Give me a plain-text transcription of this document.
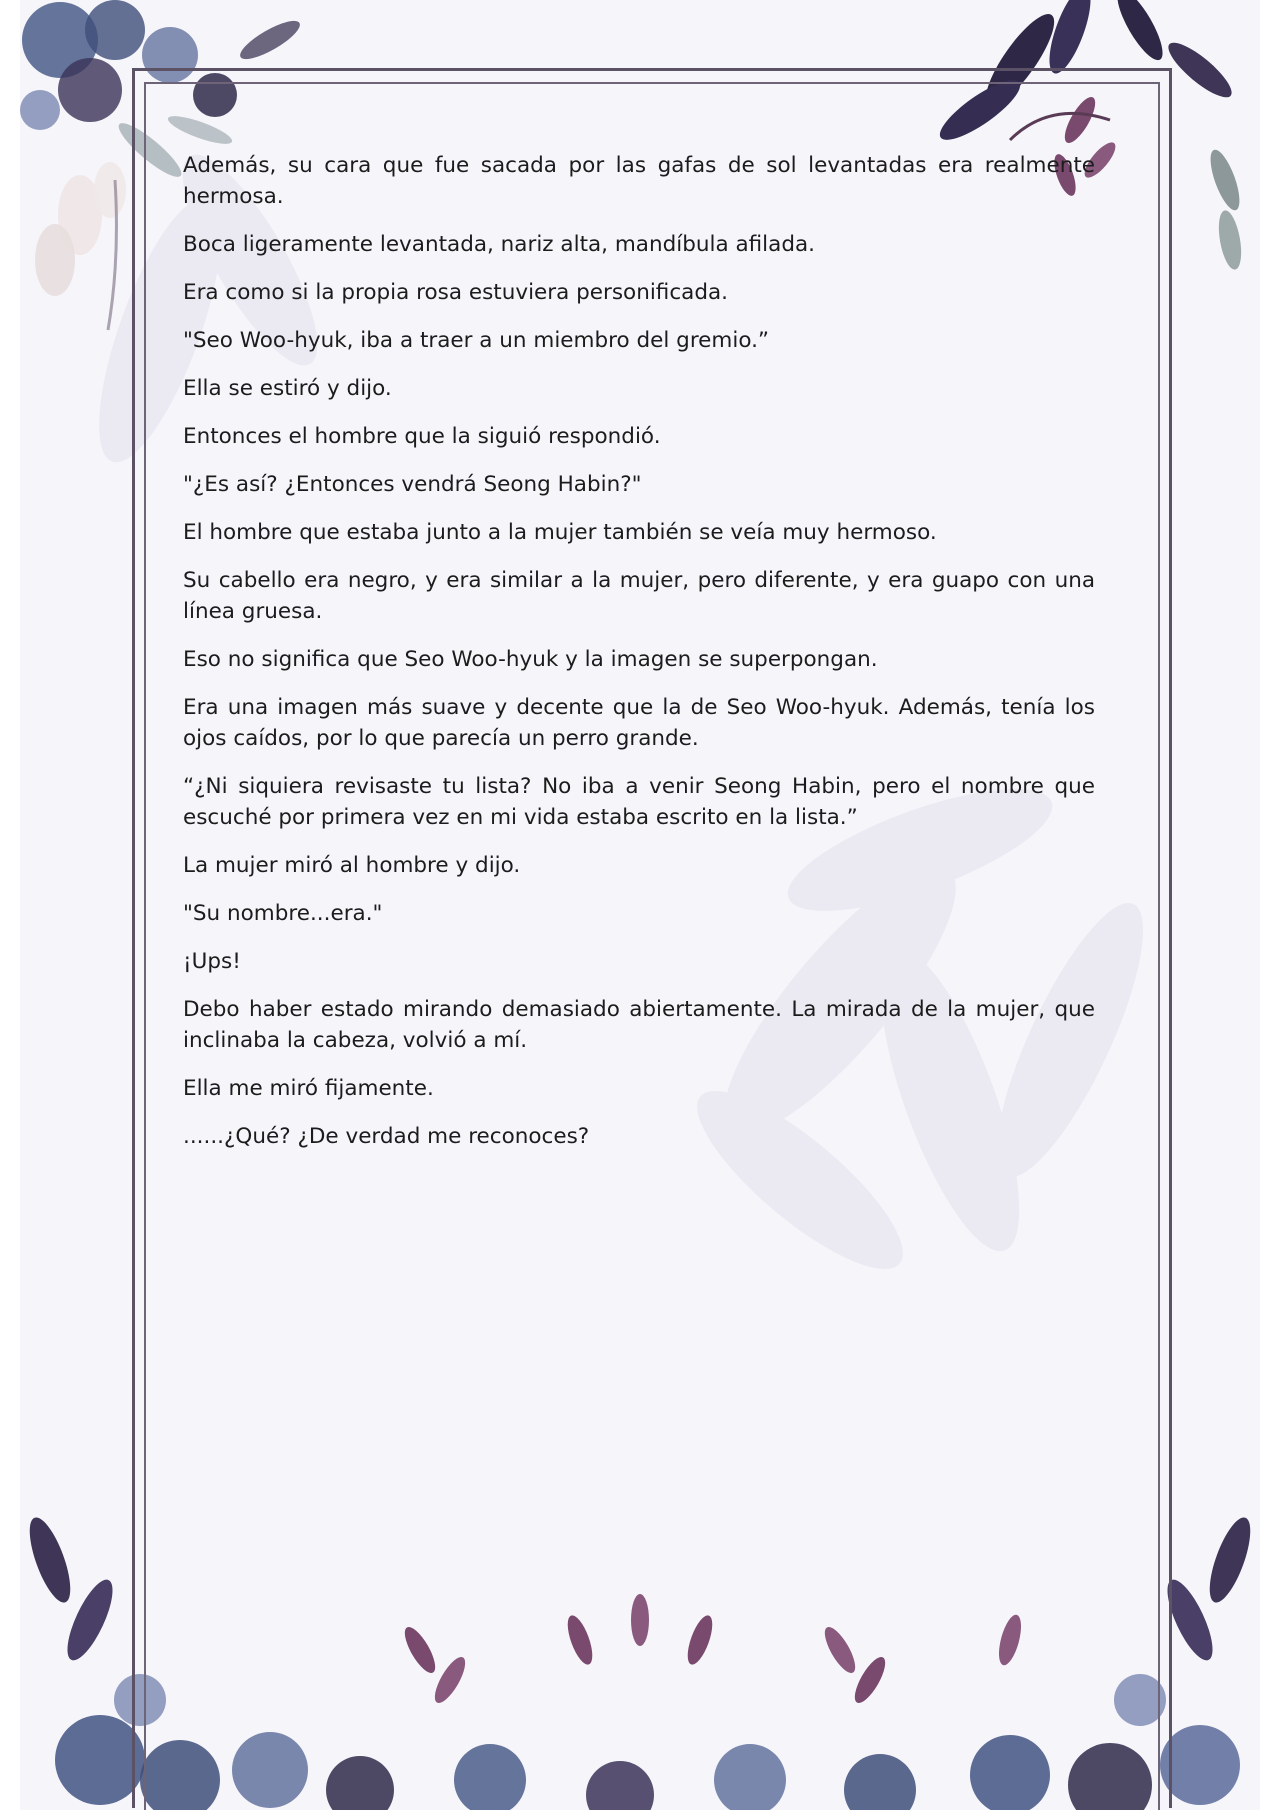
Además, su cara que fue sacada por las gafas de sol levantadas era realmente hermosa.

Boca ligeramente levantada, nariz alta, mandíbula afilada.

Era como si la propia rosa estuviera personificada.

"Seo Woo-hyuk, iba a traer a un miembro del gremio.”

Ella se estiró y dijo.

Entonces el hombre que la siguió respondió.

"¿Es así? ¿Entonces vendrá Seong Habin?"

El hombre que estaba junto a la mujer también se veía muy hermoso.

Su cabello era negro, y era similar a la mujer, pero diferente, y era guapo con una línea gruesa.

Eso no significa que Seo Woo-hyuk y la imagen se superpongan.

Era una imagen más suave y decente que la de Seo Woo-hyuk. Además, tenía los ojos caídos, por lo que parecía un perro grande.

“¿Ni siquiera revisaste tu lista? No iba a venir Seong Habin, pero el nombre que escuché por primera vez en mi vida estaba escrito en la lista.”

La mujer miró al hombre y dijo.

"Su nombre...era."

¡Ups!

Debo haber estado mirando demasiado abiertamente. La mirada de la mujer, que inclinaba la cabeza, volvió a mí.

Ella me miró fijamente.

......¿Qué? ¿De verdad me reconoces?
